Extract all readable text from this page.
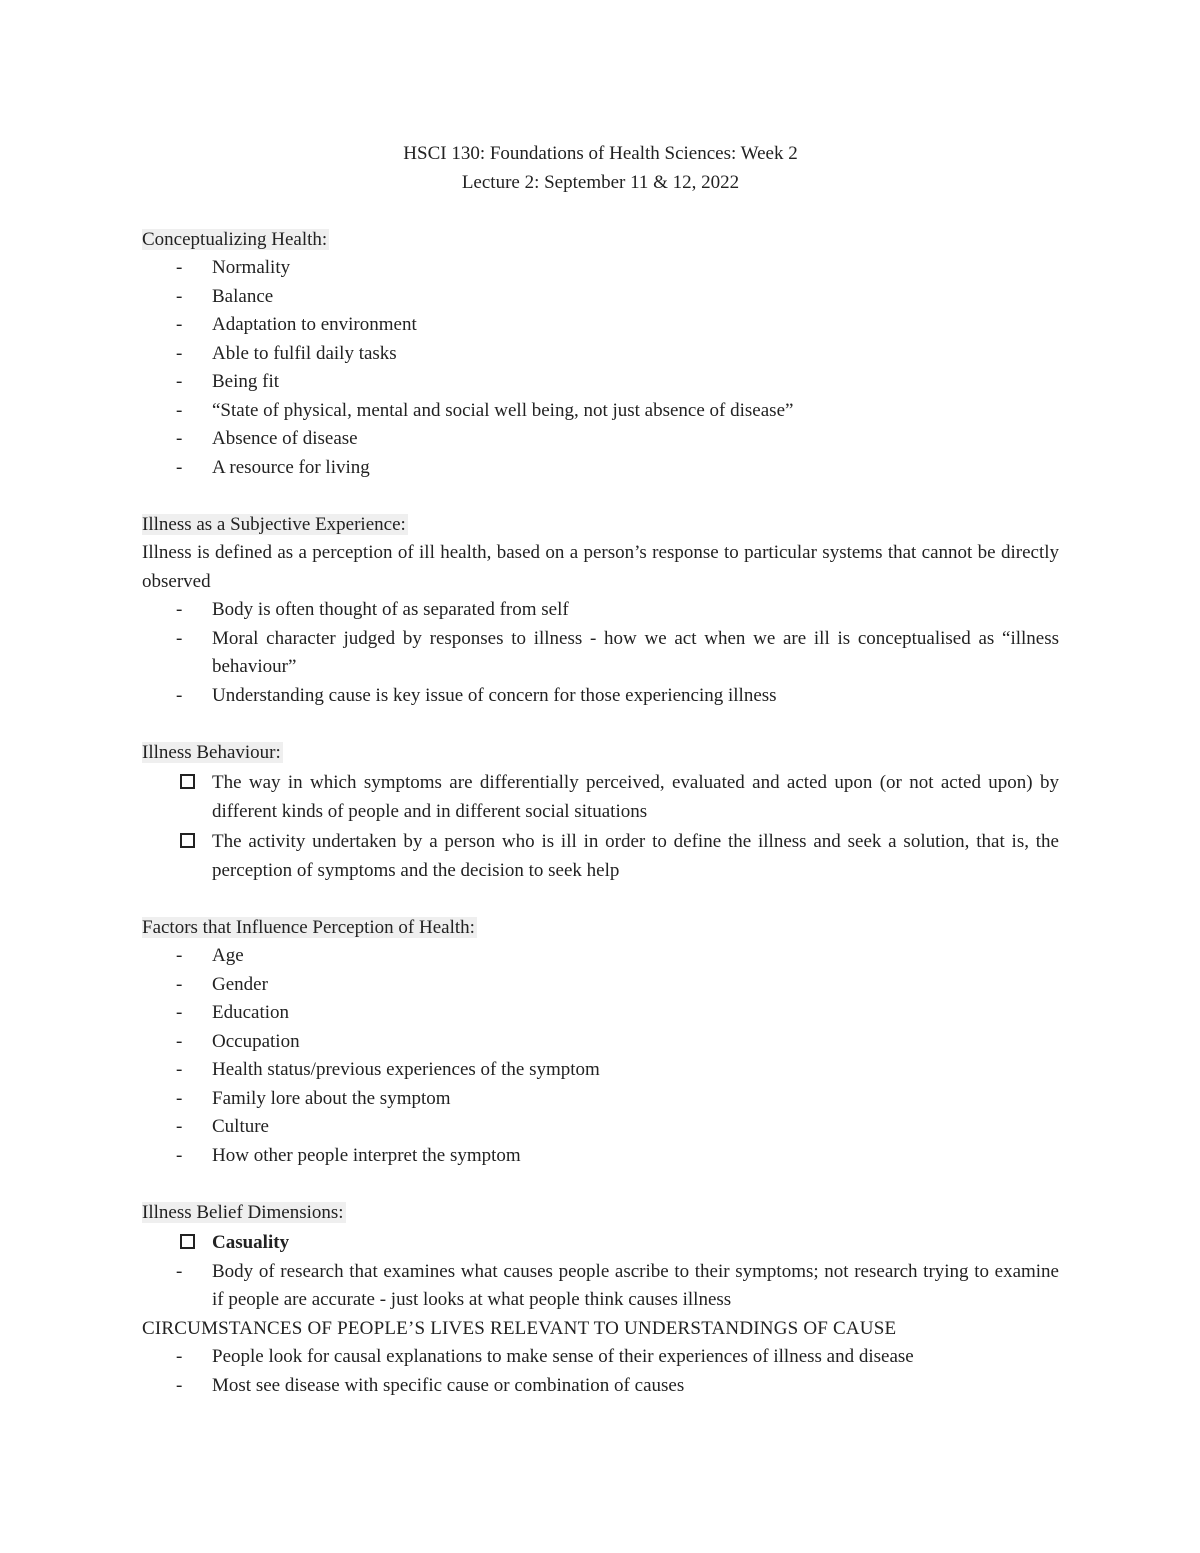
HSCI 130: Foundations of Health Sciences: Week 2
Lecture 2: September 11 & 12, 2022
Conceptualizing Health:
- Normality
- Balance
- Adaptation to environment
- Able to fulfil daily tasks
- Being fit
- “State of physical, mental and social well being, not just absence of disease”
- Absence of disease
- A resource for living
Illness as a Subjective Experience:
Illness is defined as a perception of ill health, based on a person’s response to particular systems that cannot be directly observed
- Body is often thought of as separated from self
- Moral character judged by responses to illness - how we act when we are ill is conceptualised as “illness behaviour”
- Understanding cause is key issue of concern for those experiencing illness
Illness Behaviour:
The way in which symptoms are differentially perceived, evaluated and acted upon (or not acted upon) by different kinds of people and in different social situations
The activity undertaken by a person who is ill in order to define the illness and seek a solution, that is, the perception of symptoms and the decision to seek help
Factors that Influence Perception of Health:
- Age
- Gender
- Education
- Occupation
- Health status/previous experiences of the symptom
- Family lore about the symptom
- Culture
- How other people interpret the symptom
Illness Belief Dimensions:
Casuality
- Body of research that examines what causes people ascribe to their symptoms; not research trying to examine if people are accurate - just looks at what people think causes illness
CIRCUMSTANCES OF PEOPLE’S LIVES RELEVANT TO UNDERSTANDINGS OF CAUSE
- People look for causal explanations to make sense of their experiences of illness and disease
- Most see disease with specific cause or combination of causes
